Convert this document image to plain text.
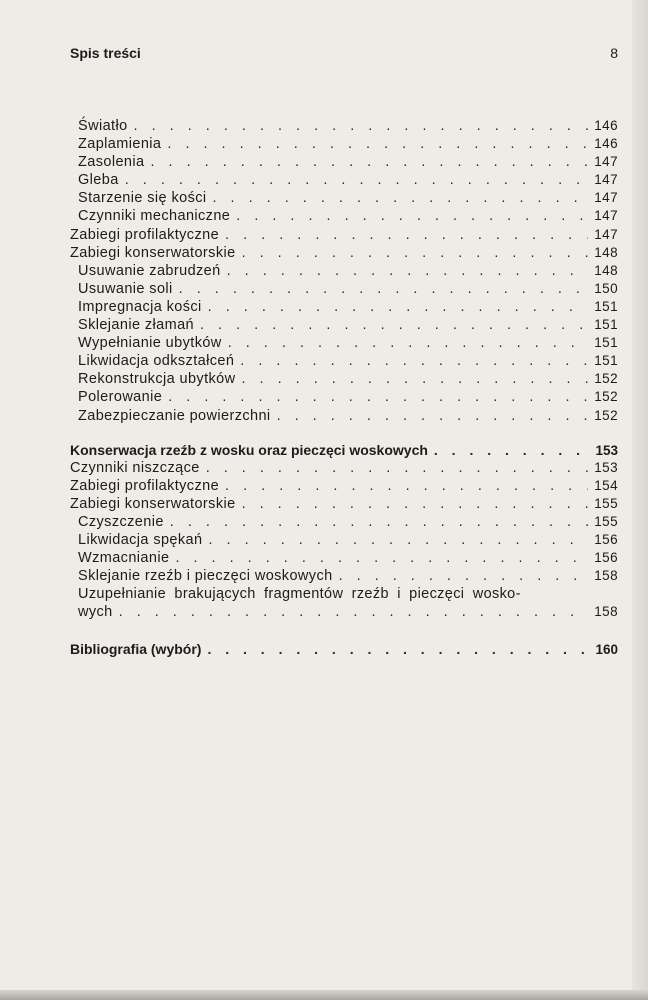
Spis treści	8
Światło . . .	146
Zaplamienia . . .	146
Zasolenia . . .	147
Gleba . . .	147
Starzenie się kości . . .	147
Czynniki mechaniczne . . .	147
Zabiegi profilaktyczne . . .	147
Zabiegi konserwatorskie . . .	148
Usuwanie zabrudzeń . . .	148
Usuwanie soli . . .	150
Impregnacja kości . . .	151
Sklejanie złamań . . .	151
Wypełnianie ubytków . . .	151
Likwidacja odkształceń . . .	151
Rekonstrukcja ubytków . . .	152
Polerowanie . . .	152
Zabezpieczanie powierzchni . . .	152
Konserwacja rzeźb z wosku oraz pieczęci woskowych . . .	153
Czynniki niszczące . . .	153
Zabiegi profilaktyczne . . .	154
Zabiegi konserwatorskie . . .	155
Czyszczenie . . .	155
Likwidacja spękań . . .	156
Wzmacnianie . . .	156
Sklejanie rzeźb i pieczęci woskowych . . .	158
Uzupełnianie brakujących fragmentów rzeźb i pieczęci wosko-
wych . . .	158
Bibliografia (wybór) . . .	160
